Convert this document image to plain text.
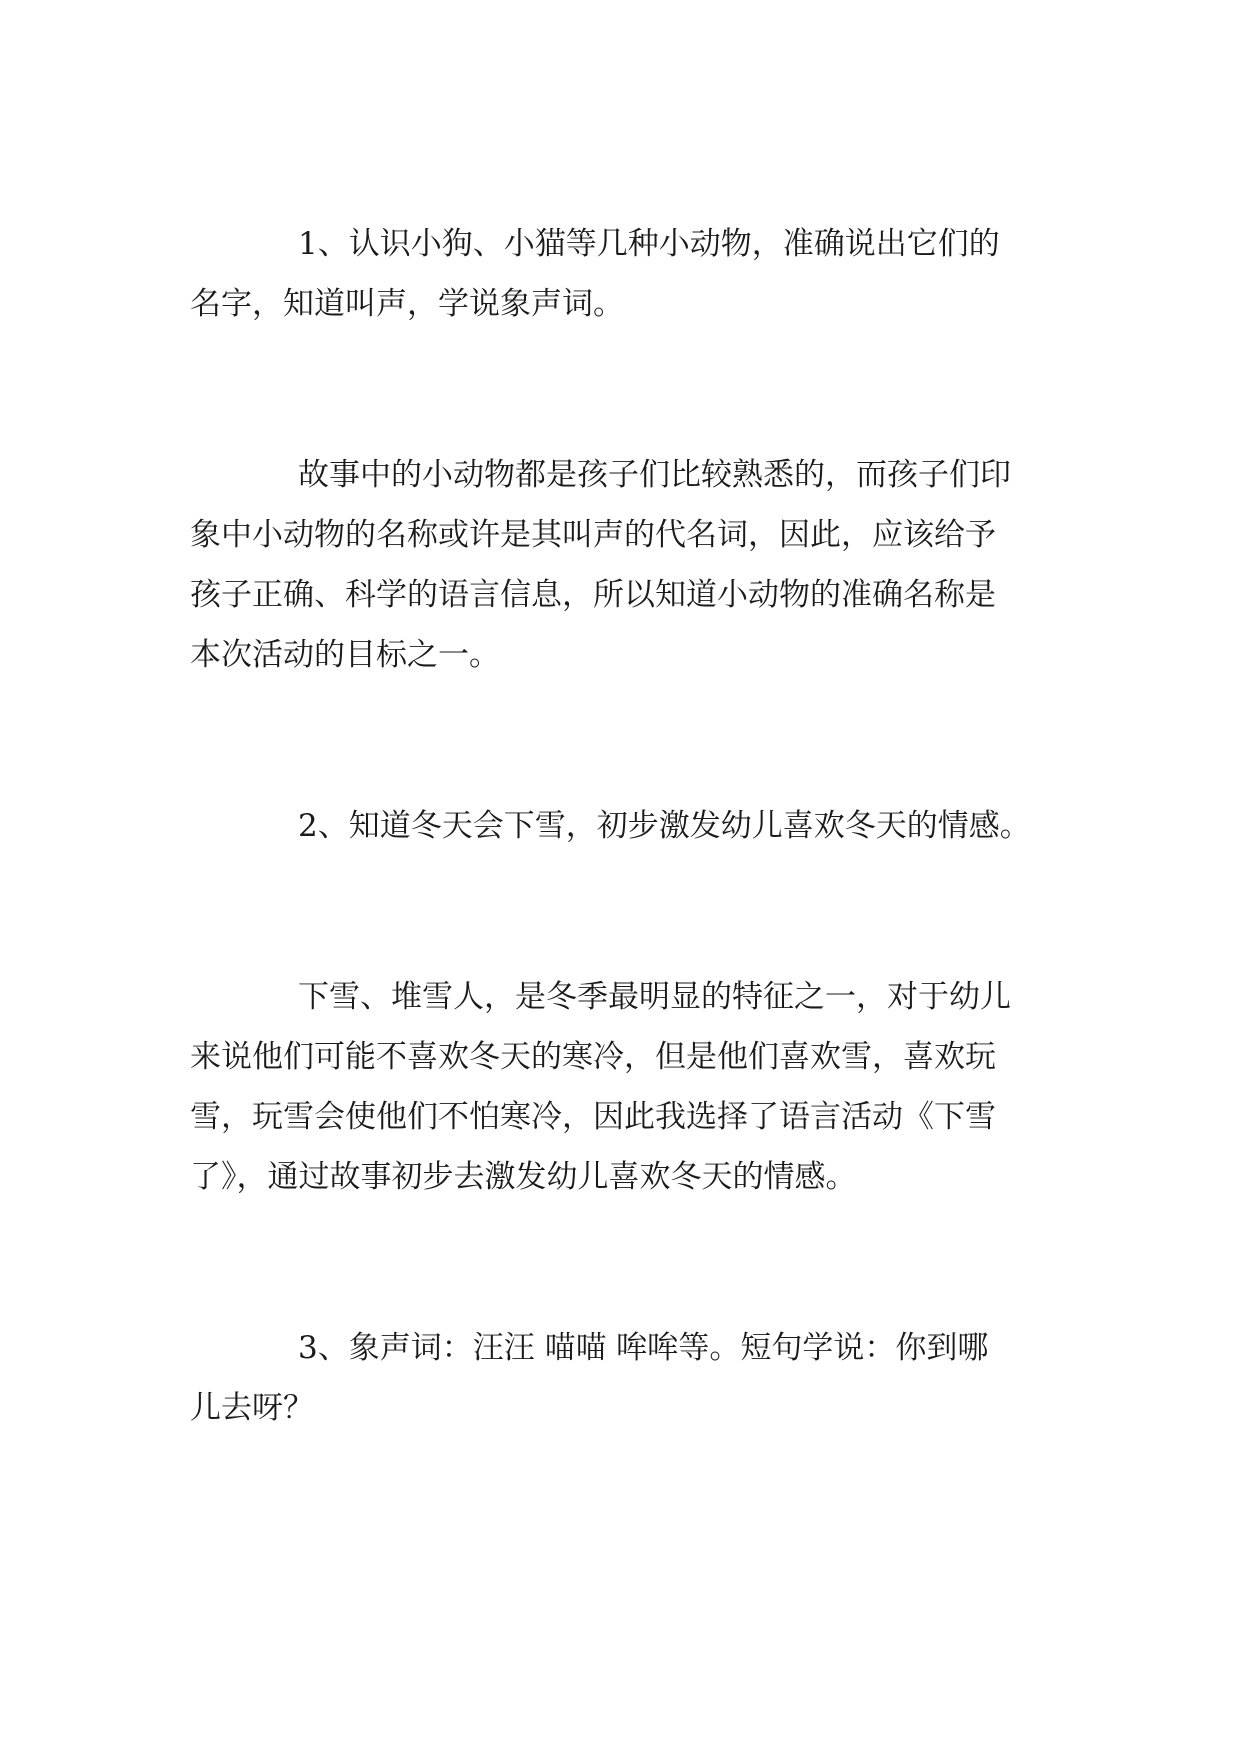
1、认识小狗、小猫等几种小动物，准确说出它们的

名字，知道叫声，学说象声词。

故事中的小动物都是孩子们比较熟悉的，而孩子们印

象中小动物的名称或许是其叫声的代名词，因此，应该给予

孩子正确、科学的语言信息，所以知道小动物的准确名称是

本次活动的目标之一。

2、知道冬天会下雪，初步激发幼儿喜欢冬天的情感。

下雪、堆雪人，是冬季最明显的特征之一，对于幼儿

来说他们可能不喜欢冬天的寒冷，但是他们喜欢雪，喜欢玩

雪，玩雪会使他们不怕寒冷，因此我选择了语言活动《下雪

了》，通过故事初步去激发幼儿喜欢冬天的情感。

3、象声词：汪汪 喵喵 哞哞等。短句学说：你到哪

儿去呀？
